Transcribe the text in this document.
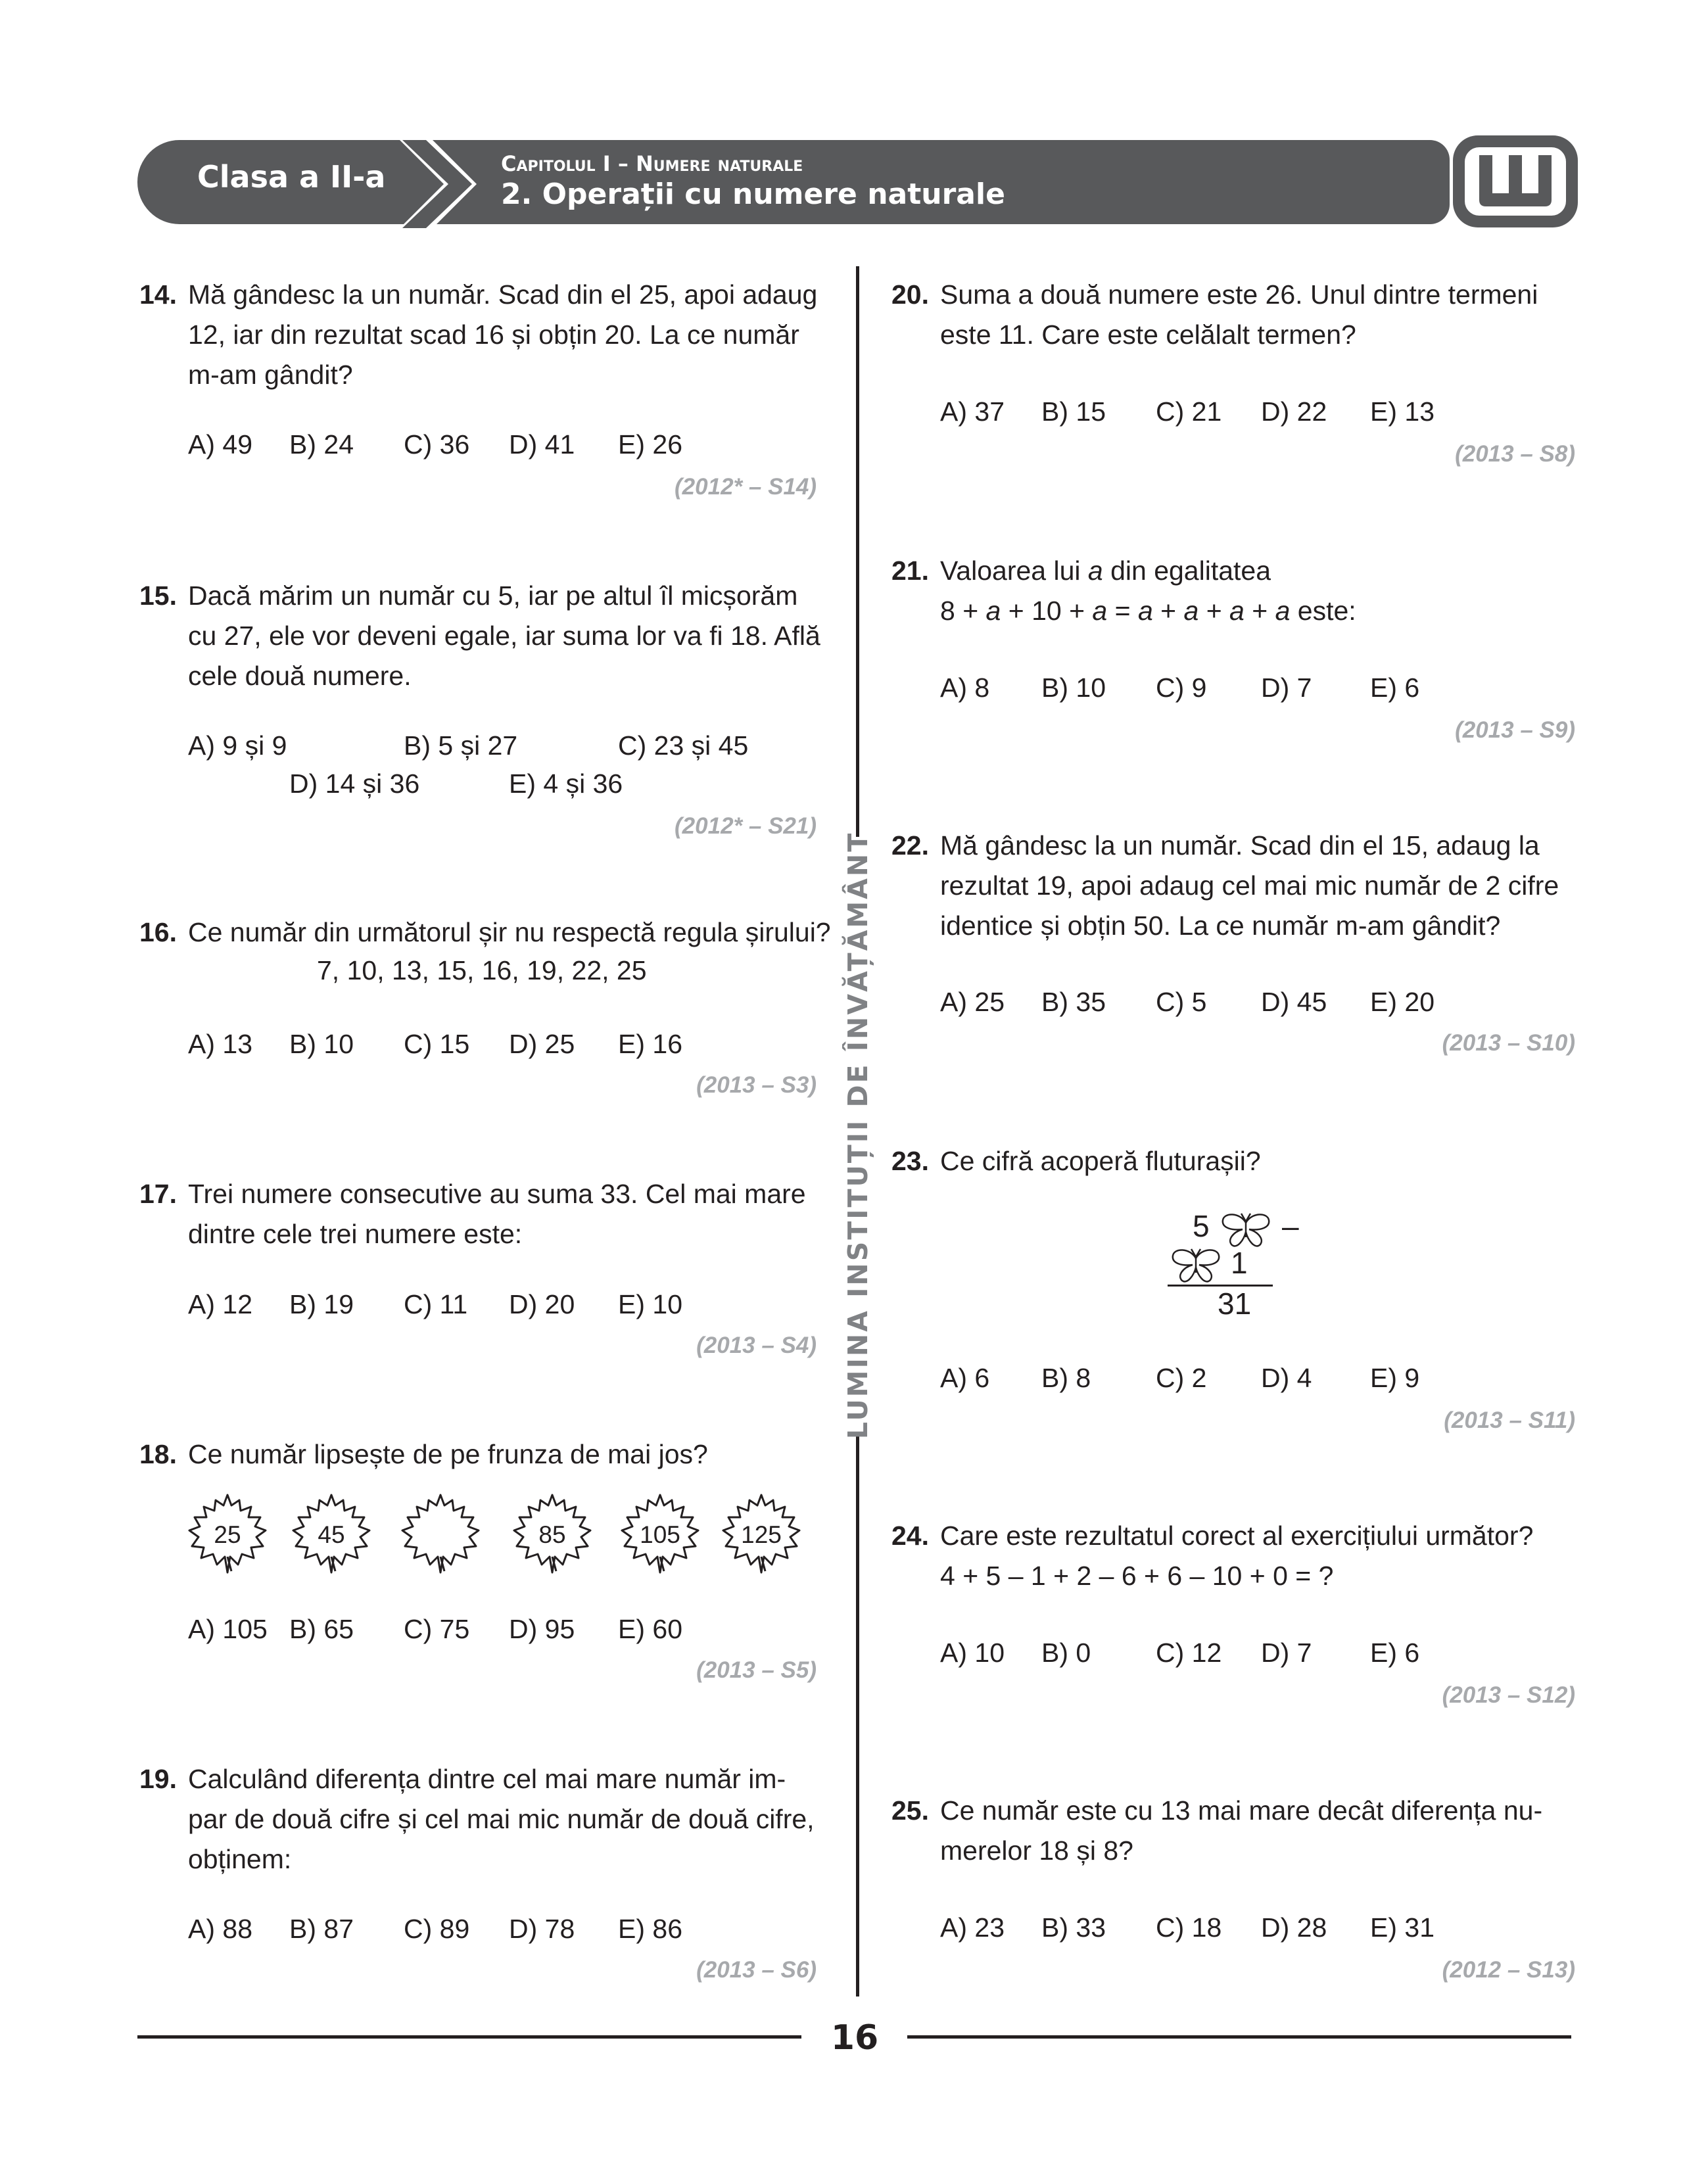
Clasa a II-a	Capitolul I – Numere naturale
2. Operații cu numere naturale
LUMINA INSTITUȚII DE ÎNVĂȚĂMÂNT
14. Mă gândesc la un număr. Scad din el 25, apoi adaug
12, iar din rezultat scad 16 și obțin 20. La ce număr
m-am gândit?
A) 49 B) 24 C) 36 D) 41 E) 26
(2012* – S14)
15. Dacă mărim un număr cu 5, iar pe altul îl micșorăm
cu 27, ele vor deveni egale, iar suma lor va fi 18. Află
cele două numere.
A) 9 și 9	B) 5 și 27	C) 23 și 45
D) 14 și 36	E) 4 și 36
(2012* – S21)
16. Ce număr din următorul șir nu respectă regula șirului?
7, 10, 13, 15, 16, 19, 22, 25
A) 13 B) 10 C) 15 D) 25 E) 16
(2013 – S3)
17. Trei numere consecutive au suma 33. Cel mai mare
dintre cele trei numere este:
A) 12 B) 19 C) 11 D) 20 E) 10
(2013 – S4)
18. Ce număr lipsește de pe frunza de mai jos?
25	45	85	105	125
A) 105 B) 65 C) 75 D) 95 E) 60
(2013 – S5)
19. Calculând diferența dintre cel mai mare număr im-
par de două cifre și cel mai mic număr de două cifre,
obținem:
A) 88 B) 87 C) 89 D) 78 E) 86
(2013 – S6)
20. Suma a două numere este 26. Unul dintre termeni
este 11. Care este celălalt termen?
A) 37 B) 15 C) 21 D) 22 E) 13
(2013 – S8)
21. Valoarea lui a din egalitatea
8 + a + 10 + a = a + a + a + a este:
A) 8 B) 10 C) 9 D) 7 E) 6
(2013 – S9)
22. Mă gândesc la un număr. Scad din el 15, adaug la
rezultat 19, apoi adaug cel mai mic număr de 2 cifre
identice și obțin 50. La ce număr m-am gândit?
A) 25 B) 35 C) 5 D) 45 E) 20
(2013 – S10)
23. Ce cifră acoperă fluturașii?
A) 6 B) 8 C) 2 D) 4 E) 9
(2013 – S11)
5 –
1
31
24. Care este rezultatul corect al exercițiului următor?
4 + 5 – 1 + 2 – 6 + 6 – 10 + 0 = ?
A) 10 B) 0 C) 12 D) 7 E) 6
(2013 – S12)
25. Ce număr este cu 13 mai mare decât diferența nu-
merelor 18 și 8?
A) 23 B) 33 C) 18 D) 28 E) 31
(2012 – S13)
16
